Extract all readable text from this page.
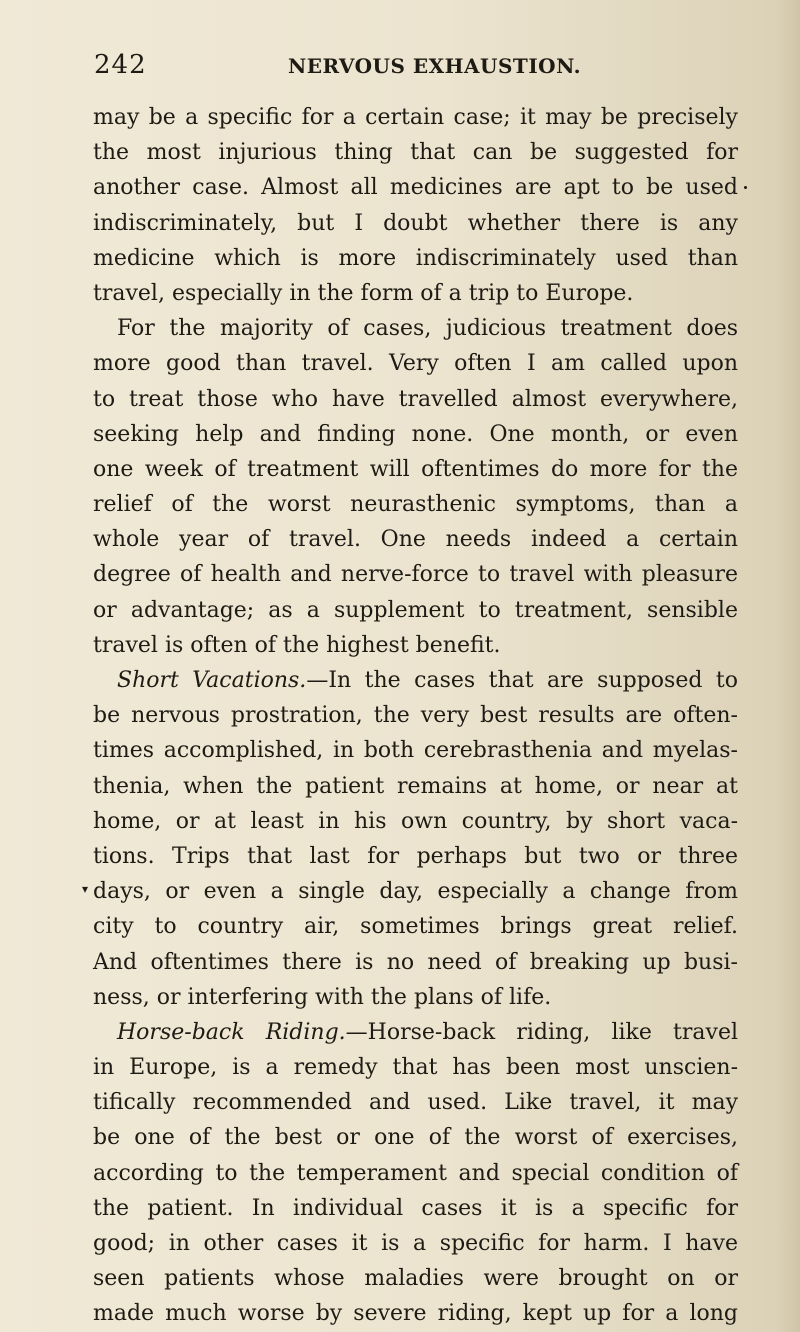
242	NERVOUS EXHAUSTION.
▾
may be a specific for a certain case; it may be precisely
the most injurious thing that can be suggested for
another case. Almost all medicines are apt to be used
indiscriminately, but I doubt whether there is any
medicine which is more indiscriminately used than
travel, especially in the form of a trip to Europe.
For the majority of cases, judicious treatment does
more good than travel. Very often I am called upon
to treat those who have travelled almost everywhere,
seeking help and finding none. One month, or even
one week of treatment will oftentimes do more for the
relief of the worst neurasthenic symptoms, than a
whole year of travel. One needs indeed a certain
degree of health and nerve-force to travel with pleasure
or advantage; as a supplement to treatment, sensible
travel is often of the highest benefit.
Short Vacations.—In the cases that are supposed to
be nervous prostration, the very best results are often-
times accomplished, in both cerebrasthenia and myelas-
thenia, when the patient remains at home, or near at
home, or at least in his own country, by short vaca-
tions. Trips that last for perhaps but two or three
days, or even a single day, especially a change from
city to country air, sometimes brings great relief.
And oftentimes there is no need of breaking up busi-
ness, or interfering with the plans of life.
Horse-back Riding.—Horse-back riding, like travel
in Europe, is a remedy that has been most unscien-
tifically recommended and used. Like travel, it may
be one of the best or one of the worst of exercises,
according to the temperament and special condition of
the patient. In individual cases it is a specific for
good; in other cases it is a specific for harm. I have
seen patients whose maladies were brought on or
made much worse by severe riding, kept up for a long
